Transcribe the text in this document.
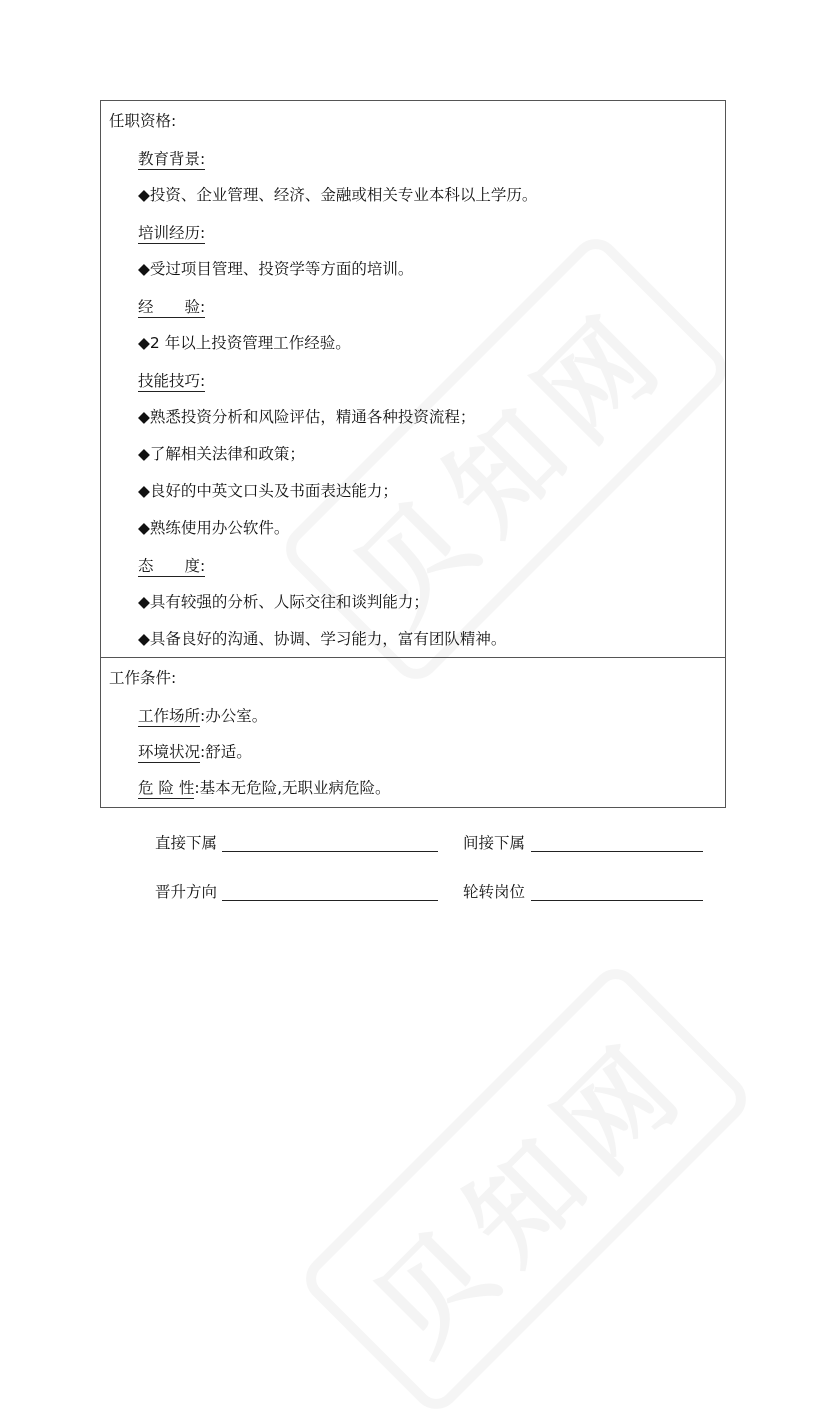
任职资格:
教育背景:
◆投资、企业管理、经济、金融或相关专业本科以上学历。
培训经历:
◆受过项目管理、投资学等方面的培训。
经　　验:
◆2 年以上投资管理工作经验。
技能技巧:
◆熟悉投资分析和风险评估，精通各种投资流程；
◆了解相关法律和政策；
◆良好的中英文口头及书面表达能力；
◆熟练使用办公软件。
态　　度:
◆具有较强的分析、人际交往和谈判能力；
◆具备良好的沟通、协调、学习能力，富有团队精神。
工作条件:
工作场所:办公室。
环境状况:舒适。
危 险 性:基本无危险,无职业病危险。
直接下属	间接下属
晋升方向	轮转岗位
